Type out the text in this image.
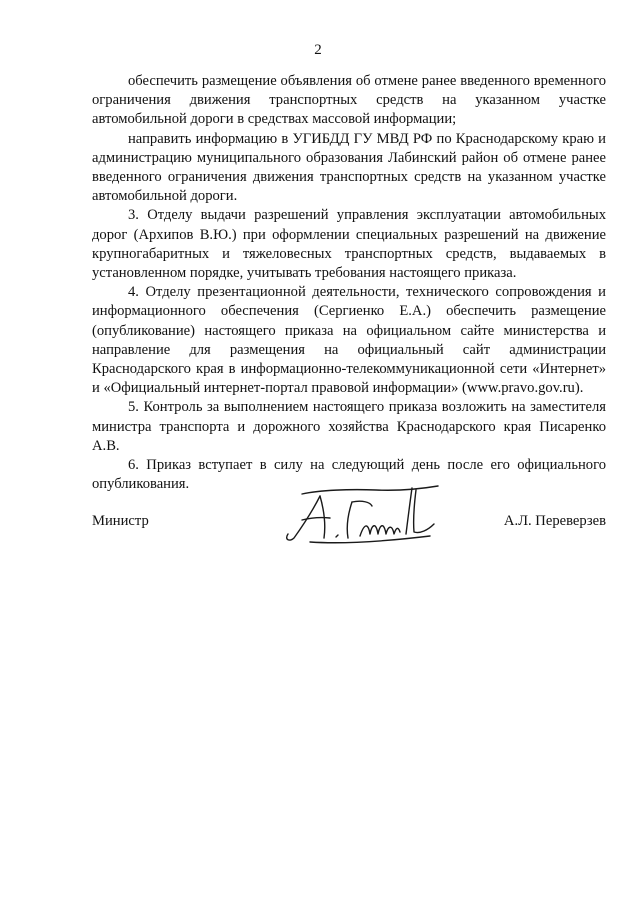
2

обеспечить размещение объявления об отмене ранее введенного временного ограничения движения транспортных средств на указанном участке автомобильной дороги в средствах массовой информации;

направить информацию в УГИБДД ГУ МВД РФ по Краснодарскому краю и администрацию муниципального образования Лабинский район об отмене ранее введенного ограничения движения транспортных средств на указанном участке автомобильной дороги.

3. Отделу выдачи разрешений управления эксплуатации автомобильных дорог (Архипов В.Ю.) при оформлении специальных разрешений на движение крупногабаритных и тяжеловесных транспортных средств, выдаваемых в установленном порядке, учитывать требования настоящего приказа.

4. Отделу презентационной деятельности, технического сопровождения и информационного обеспечения (Сергиенко Е.А.) обеспечить размещение (опубликование) настоящего приказа на официальном сайте министерства и направление для размещения на официальный сайт администрации Краснодарского края в информационно-телекоммуникационной сети «Интернет» и «Официальный интернет-портал правовой информации» (www.pravo.gov.ru).

5. Контроль за выполнением настоящего приказа возложить на заместителя министра транспорта и дорожного хозяйства Краснодарского края Писаренко А.В.

6. Приказ вступает в силу на следующий день после его официального опубликования.

Министр	А.Л. Переверзев
